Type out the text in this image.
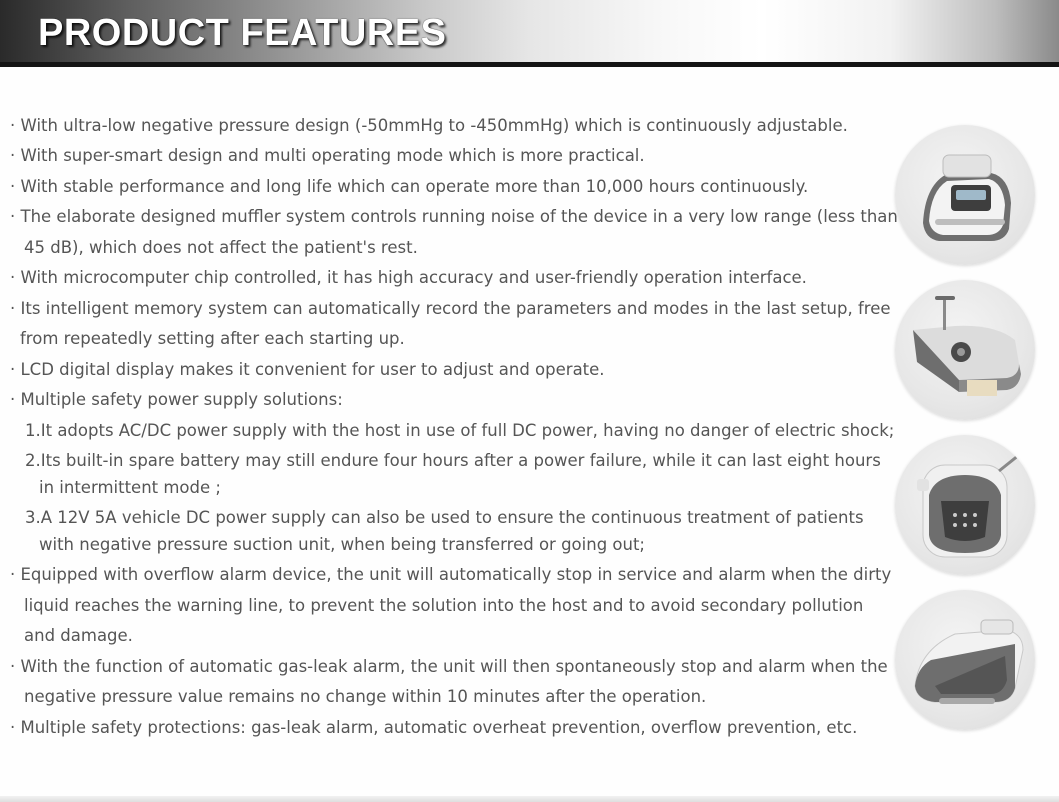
PRODUCT FEATURES
· With ultra-low negative pressure design (-50mmHg to -450mmHg) which is continuously adjustable.
· With super-smart design and multi operating mode which is more practical.
· With stable performance and long life which can operate more than 10,000 hours continuously.
· The elaborate designed muffler system controls running noise of the device in a very low range (less than
45 dB), which does not affect the patient's rest.
· With microcomputer chip controlled, it has high accuracy and user-friendly operation interface.
· Its intelligent memory system can automatically record the parameters and modes in the last setup, free
from repeatedly setting after each starting up.
· LCD digital display makes it convenient for user to adjust and operate.
· Multiple safety power supply solutions:
1.It adopts AC/DC power supply with the host in use of full DC power, having no danger of electric shock;
2.Its built-in spare battery may still endure four hours after a power failure, while it can last eight hours
in intermittent mode ;
3.A 12V 5A vehicle DC power supply can also be used to ensure the continuous treatment of patients
with negative pressure suction unit, when being transferred or going out;
· Equipped with overflow alarm device, the unit will automatically stop in service and alarm when the dirty
liquid reaches the warning line, to prevent the solution into the host and to avoid secondary pollution
and damage.
· With the function of automatic gas-leak alarm, the unit will then spontaneously stop and alarm when the
negative pressure value remains no change within 10 minutes after the operation.
· Multiple safety protections: gas-leak alarm, automatic overheat prevention, overflow prevention, etc.
